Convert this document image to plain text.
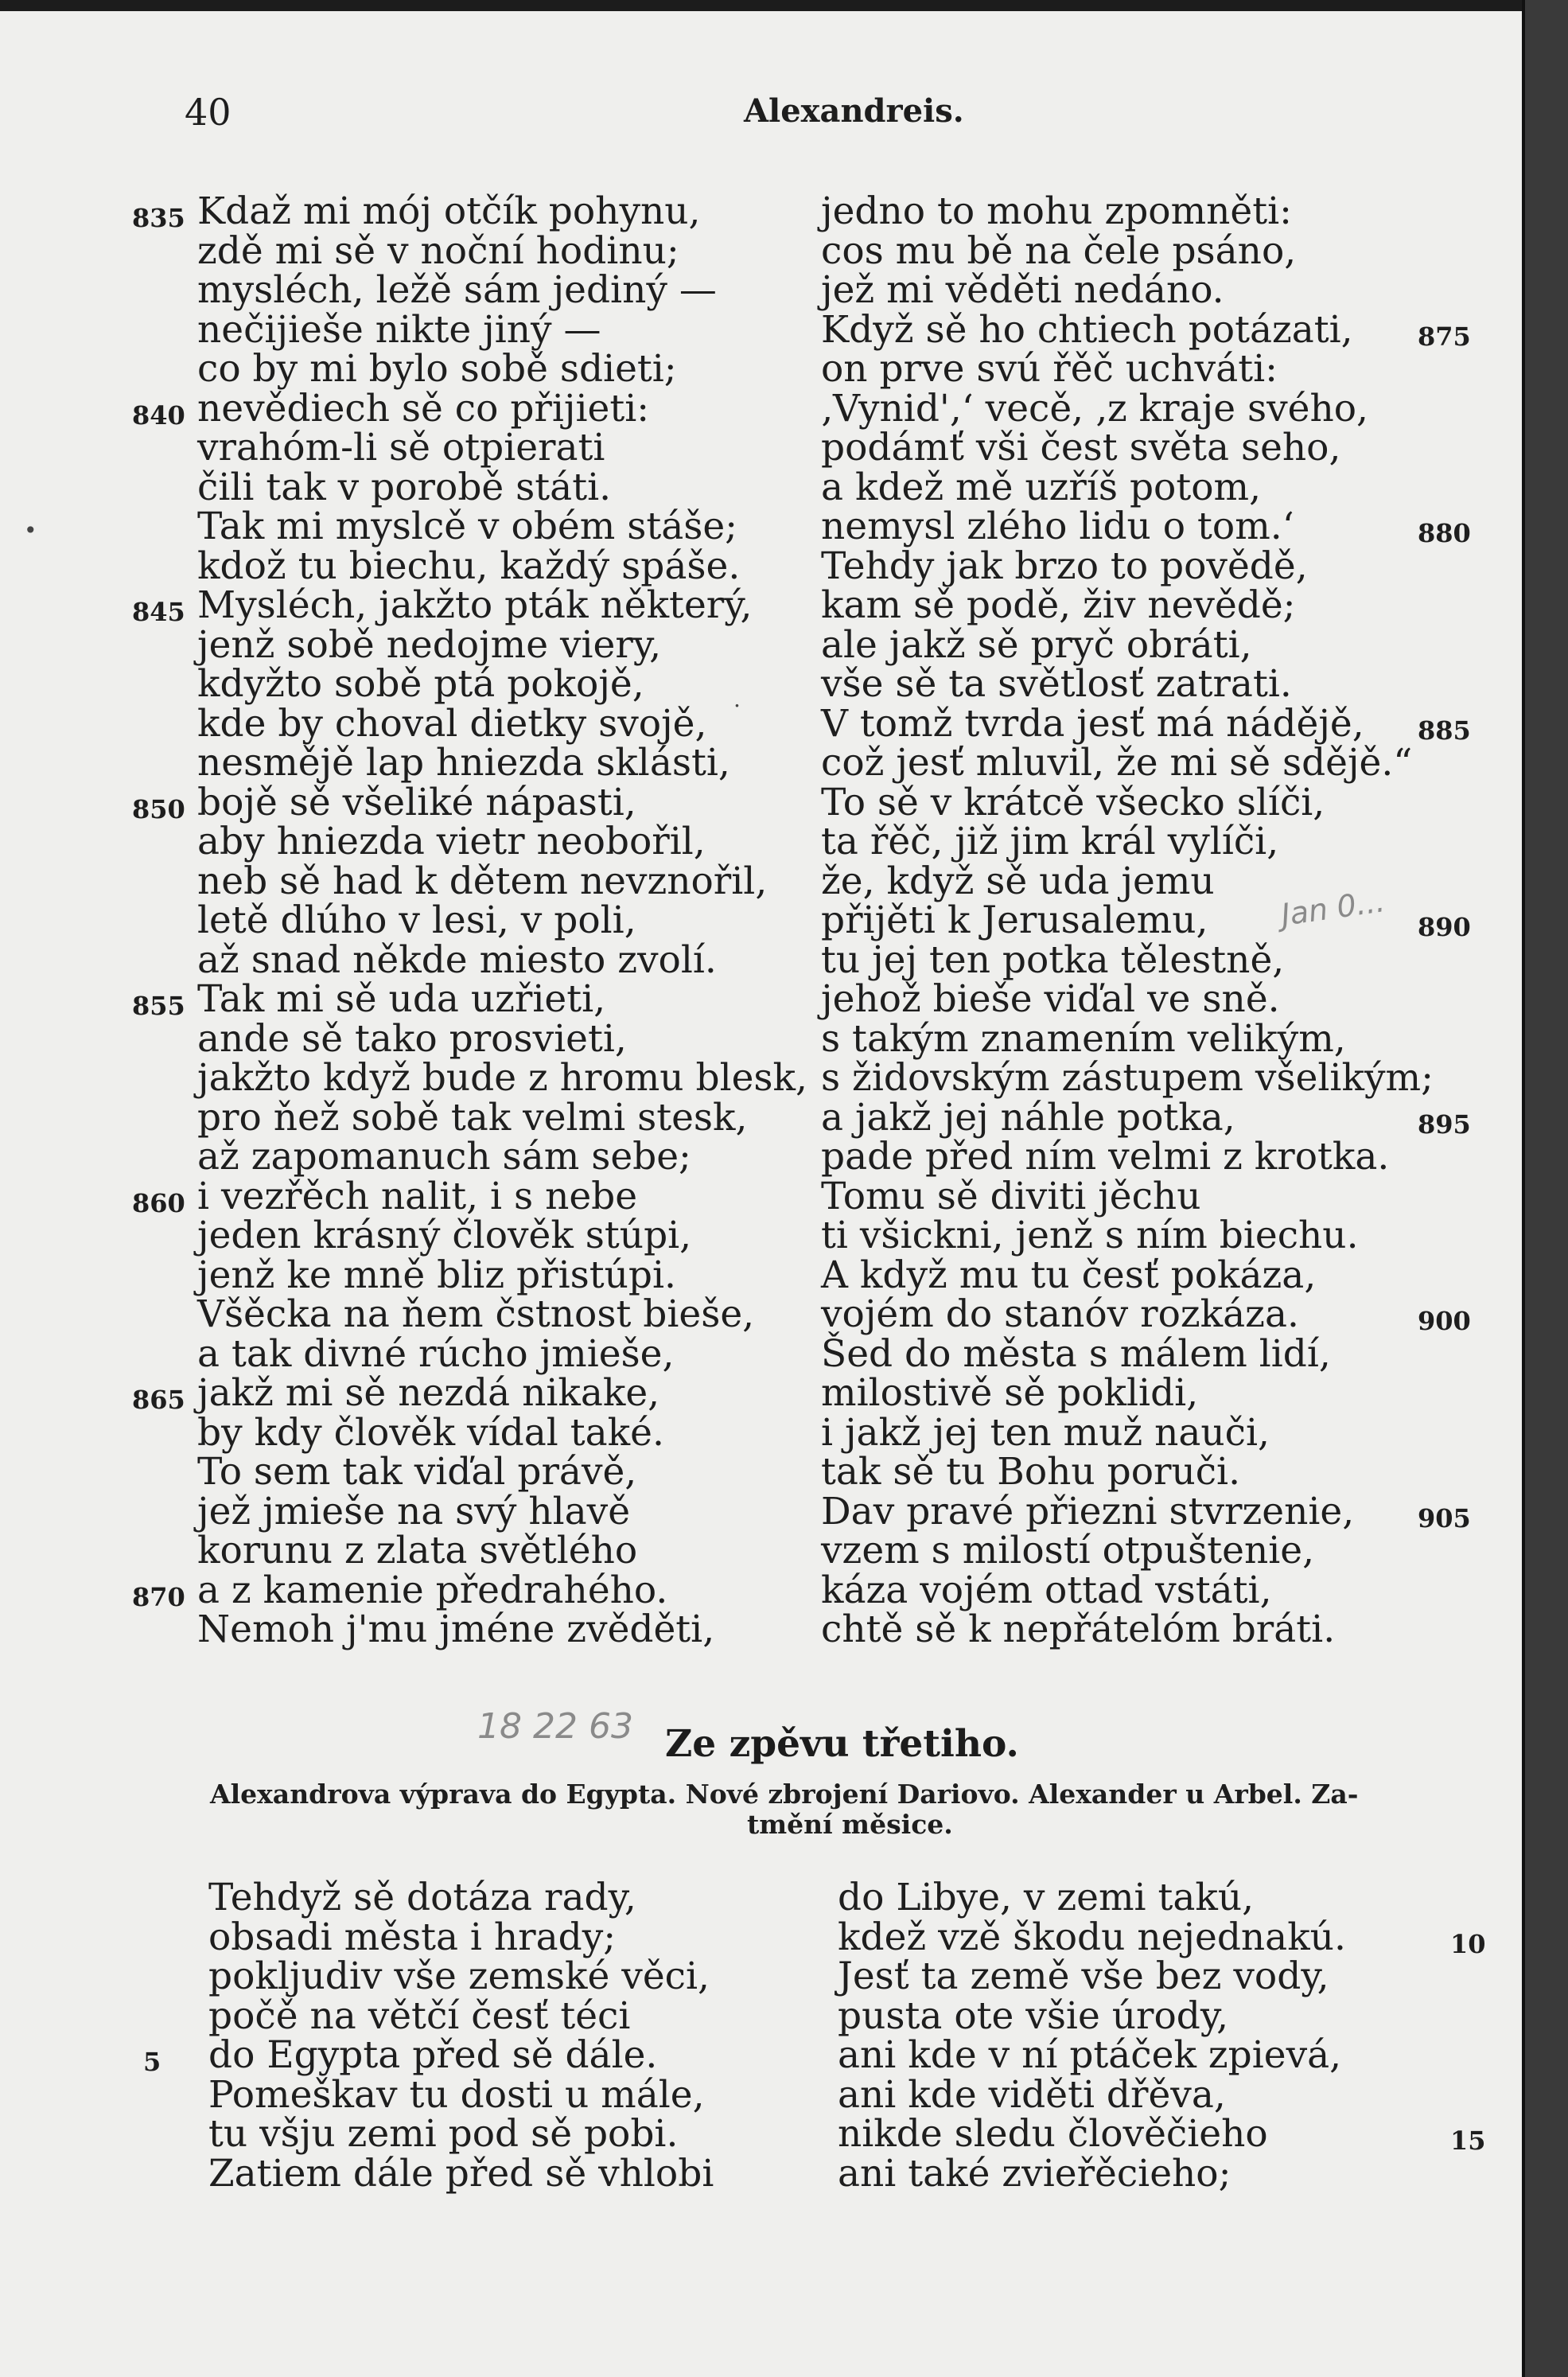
40	Alexandreis.
Kdaž mi mój otčík pohynu,
835
zdě mi sě v noční hodinu;
mysléch, ležě sám jediný —
nečijieše nikte jiný —
co by mi bylo sobě sdieti;
nevědiech sě co přijieti:
840
vrahóm-li sě otpierati
čili tak v porobě státi.
Tak mi myslcě v obém stáše;
kdož tu biechu, každý spáše.
Mysléch, jakžto pták některý,
845
jenž sobě nedojme viery,
kdyžto sobě ptá pokojě,
kde by choval dietky svojě,
nesmějě lap hniezda sklásti,
bojě sě všeliké nápasti,
850
aby hniezda vietr neobořil,
neb sě had k dětem nevznořil,
letě dlúho v lesi, v poli,
až snad někde miesto zvolí.
Tak mi sě uda uzřieti,
855
ande sě tako prosvieti,
jakžto když bude z hromu blesk,
pro ňež sobě tak velmi stesk,
až zapomanuch sám sebe;
i vezřěch nalit, i s nebe
860
jeden krásný člověk stúpi,
jenž ke mně bliz přistúpi.
Všěcka na ňem čstnost bieše,
a tak divné rúcho jmieše,
jakž mi sě nezdá nikake,
865
by kdy člověk vídal také.
To sem tak viďal právě,
jež jmieše na svý hlavě
korunu z zlata světlého
a z kamenie předrahého.
870
Nemoh j'mu jméne zvěděti,
jedno to mohu zpomněti:
cos mu bě na čele psáno,
jež mi věděti nedáno.
Když sě ho chtiech potázati,	875
on prve svú řěč uchváti:
‚Vynid',‘ vecě, ‚z kraje svého,
podámť vši čest světa seho,
a kdež mě uzříš potom,
nemysl zlého lidu o tom.‘	880
Tehdy jak brzo to povědě,
kam sě podě, živ nevědě;
ale jakž sě pryč obráti,
vše sě ta světlosť zatrati.
V tomž tvrda jesť má nádějě, 885
což jesť mluvil, že mi sě sdějě.“
To sě v krátcě všecko slíči,
ta řěč, již jim král vylíči,
že, když sě uda jemu
přijěti k Jerusalemu,	890
tu jej ten potka tělestně,
jehož bieše viďal ve sně.
s takým znamením velikým,
s židovským zástupem všelikým;
a jakž jej náhle potka,	895
pade před ním velmi z krotka.
Tomu sě diviti jěchu
ti všickni, jenž s ním biechu.
A když mu tu česť pokáza,
vojém do stanóv rozkáza.	900
Šed do města s málem lidí,
milostivě sě poklidi,
i jakž jej ten muž nauči,
tak sě tu Bohu poruči.
Dav pravé přiezni stvrzenie, 905
vzem s milostí otpuštenie,
káza vojém ottad vstáti,
chtě sě k nepřátelóm bráti.
Jan 0...
18 22 63
•
.
Ze zpěvu třetiho.
Alexandrova výprava do Egypta. Nové zbrojení Dariovo. Alexander u Arbel. Za-
tmění měsice.
Tehdyž sě dotáza rady,
obsadi města i hrady;
pokljudiv vše zemské věci,
počě na větčí česť téci
do Egypta před sě dále.
5
Pomeškav tu dosti u mále,
tu všju zemi pod sě pobi.
Zatiem dále před sě vhlobi
do Libye, v zemi takú,
kdež vzě škodu nejednakú.	10
Jesť ta země vše bez vody,
pusta ote všie úrody,
ani kde v ní ptáček zpievá,
ani kde viděti dřěva,
nikde sledu člověčieho	15
ani také zvieřěcieho;
